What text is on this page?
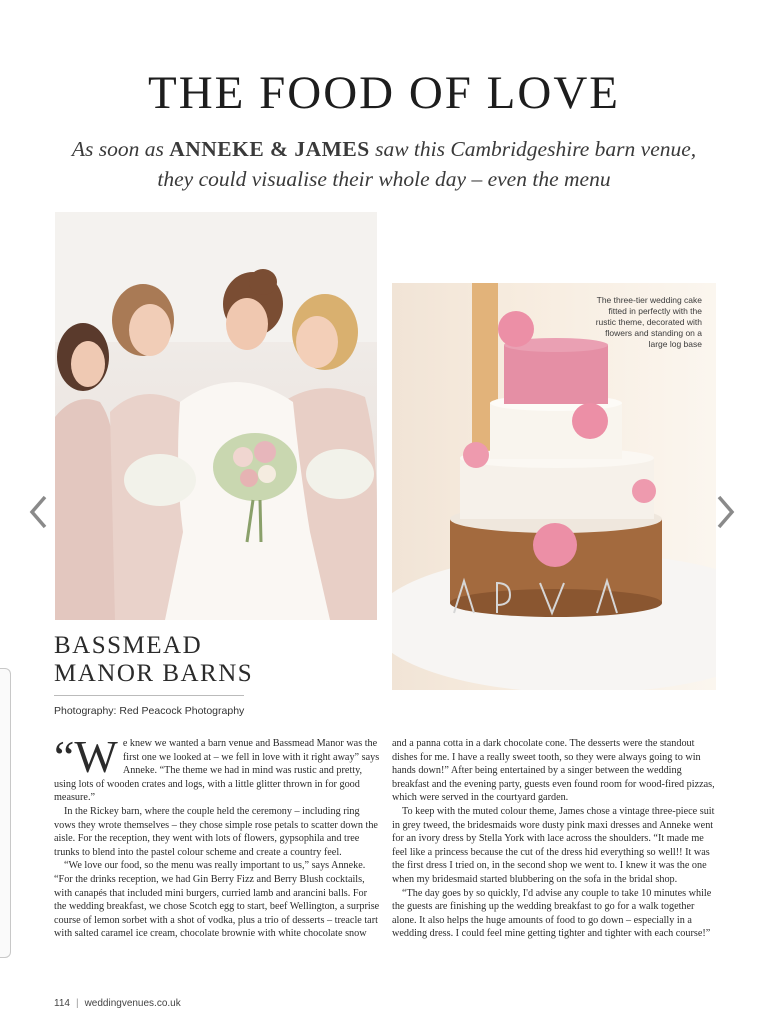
THE FOOD OF LOVE
As soon as ANNEKE & JAMES saw this Cambridgeshire barn venue, they could visualise their whole day – even the menu
The three-tier wedding cake fitted in perfectly with the rustic theme, decorated with flowers and standing on a large log base
BASSMEAD
MANOR BARNS

Photography: Red Peacock Photography

“We knew we wanted a barn venue and Bassmead Manor was the first one we looked at – we fell in love with it right away” says Anneke. “The theme we had in mind was rustic and pretty, using lots of wooden crates and logs, with a little glitter thrown in for good measure.”

In the Rickey barn, where the couple held the ceremony – including ring vows they wrote themselves – they chose simple rose petals to scatter down the aisle. For the reception, they went with lots of flowers, gypsophila and tree trunks to blend into the pastel colour scheme and create a country feel.

“We love our food, so the menu was really important to us,” says Anneke. “For the drinks reception, we had Gin Berry Fizz and Berry Blush cocktails, with canapés that included mini burgers, curried lamb and arancini balls. For the wedding breakfast, we chose Scotch egg to start, beef Wellington, a surprise course of lemon sorbet with a shot of vodka, plus a trio of desserts – treacle tart with salted caramel ice cream, chocolate brownie with white chocolate snow

and a panna cotta in a dark chocolate cone. The desserts were the standout dishes for me. I have a really sweet tooth, so they were always going to win hands down!” After being entertained by a singer between the wedding breakfast and the evening party, guests even found room for wood-fired pizzas, which were served in the courtyard garden.

To keep with the muted colour theme, James chose a vintage three-piece suit in grey tweed, the bridesmaids wore dusty pink maxi dresses and Anneke went for an ivory dress by Stella York with lace across the shoulders. “It made me feel like a princess because the cut of the dress hid everything so well!! It was the first dress I tried on, in the second shop we went to. I knew it was the one when my bridesmaid started blubbering on the sofa in the bridal shop.

“The day goes by so quickly, I'd advise any couple to take 10 minutes while the guests are finishing up the wedding breakfast to go for a walk together alone. It also helps the huge amounts of food to go down – especially in a wedding dress. I could feel mine getting tighter and tighter with each course!”

114 | weddingvenues.co.uk
